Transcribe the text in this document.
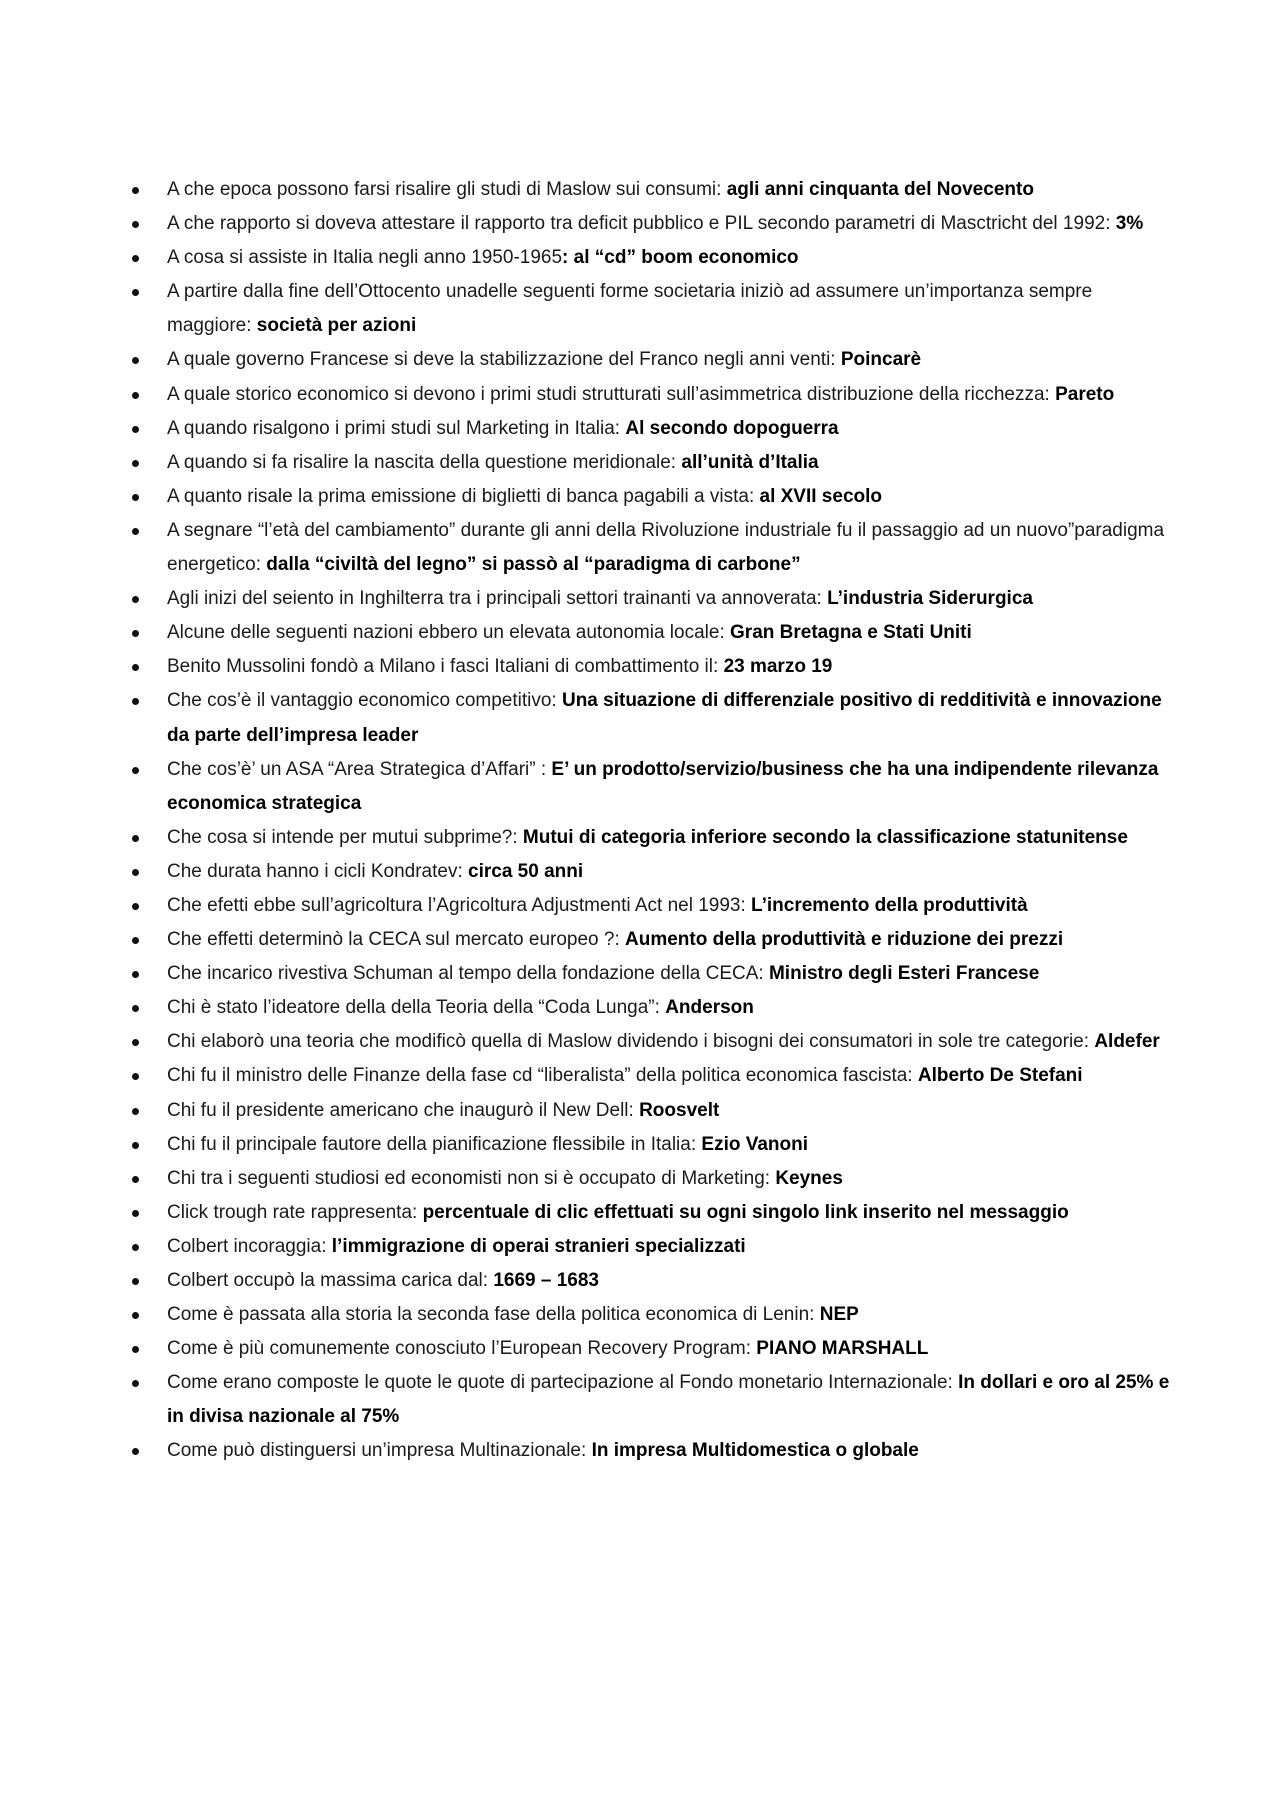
A che epoca possono farsi risalire gli studi di Maslow sui consumi: agli anni cinquanta del Novecento
A che rapporto si doveva attestare il rapporto tra deficit pubblico e PIL secondo parametri di Masctricht del 1992: 3%
A cosa si assiste in Italia negli anno 1950-1965: al “cd” boom economico
A partire dalla fine dell’Ottocento unadelle seguenti forme societaria iniziò ad assumere un’importanza sempre maggiore: società per azioni
A quale governo Francese si deve la stabilizzazione del Franco negli anni venti: Poincarè
A quale storico economico si devono i primi studi strutturati sull’asimmetrica distribuzione della ricchezza: Pareto
A quando risalgono i primi studi sul Marketing in Italia: Al secondo dopoguerra
A quando si fa risalire la nascita della questione meridionale: all’unità d’Italia
A quanto risale la prima emissione di biglietti di banca pagabili a vista: al XVII secolo
A segnare “l’età del cambiamento” durante gli anni della Rivoluzione industriale fu il passaggio ad un nuovo”paradigma energetico: dalla “civiltà del legno” si passò al “paradigma di carbone”
Agli inizi del seiento in Inghilterra tra i principali settori trainanti va annoverata: L’industria Siderurgica
Alcune delle seguenti nazioni ebbero un elevata autonomia locale: Gran Bretagna e Stati Uniti
Benito Mussolini fondò a Milano i fasci Italiani di combattimento il: 23 marzo 19
Che cos’è il vantaggio economico competitivo: Una situazione di differenziale positivo di redditività e innovazione da parte dell’impresa leader
Che cos’è’ un ASA “Area Strategica d’Affari” : E’ un prodotto/servizio/business che ha una indipendente rilevanza economica strategica
Che cosa si intende per mutui subprime?: Mutui di categoria inferiore secondo la classificazione statunitense
Che durata hanno i cicli Kondratev: circa 50 anni
Che efetti ebbe sull’agricoltura l’Agricoltura Adjustmenti Act nel 1993: L’incremento della produttività
Che effetti determinò la CECA sul mercato europeo ?: Aumento della produttività e riduzione dei prezzi
Che incarico rivestiva Schuman al tempo della fondazione della CECA: Ministro degli Esteri Francese
Chi è stato l’ideatore della della Teoria della “Coda Lunga”: Anderson
Chi elaborò una teoria che modificò quella di Maslow dividendo i bisogni dei consumatori in sole tre categorie: Aldefer
Chi fu il ministro delle Finanze della fase cd “liberalista” della politica economica fascista: Alberto De Stefani
Chi fu il presidente americano che inaugurò il New Dell: Roosvelt
Chi fu il principale fautore della pianificazione flessibile in Italia: Ezio Vanoni
Chi tra i seguenti studiosi ed economisti non si è occupato di Marketing: Keynes
Click trough rate rappresenta: percentuale di clic effettuati su ogni singolo link inserito nel messaggio
Colbert incoraggia: l’immigrazione di operai stranieri specializzati
Colbert occupò la massima carica dal: 1669 – 1683
Come è passata alla storia la seconda fase della politica economica di Lenin: NEP
Come è più comunemente conosciuto l’European Recovery Program: PIANO MARSHALL
Come erano composte le quote le quote di partecipazione al Fondo monetario Internazionale: In dollari e oro al 25% e in divisa nazionale al 75%
Come può distinguersi un’impresa Multinazionale: In impresa Multidomestica o globale
